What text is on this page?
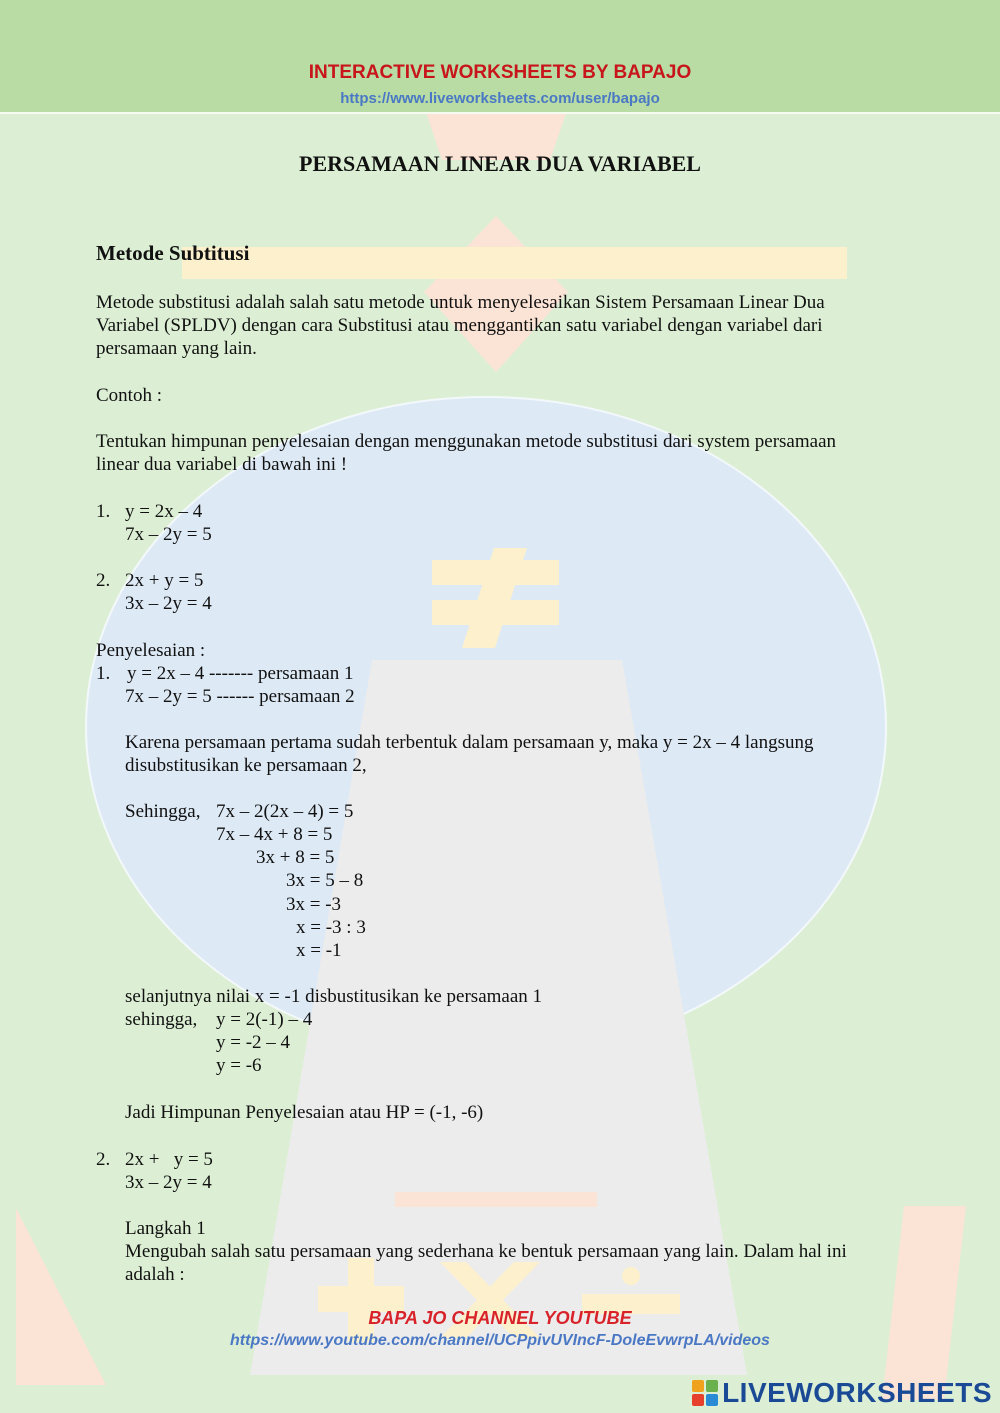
INTERACTIVE WORKSHEETS BY BAPAJO
https://www.liveworksheets.com/user/bapajo
PERSAMAAN LINEAR DUA VARIABEL
Metode Subtitusi
Metode substitusi adalah salah satu metode untuk menyelesaikan Sistem Persamaan Linear Dua
Variabel (SPLDV) dengan cara Substitusi atau menggantikan satu variabel dengan variabel dari
persamaan yang lain.
Contoh :
Tentukan himpunan penyelesaian dengan menggunakan metode substitusi dari system persamaan
linear dua variabel di bawah ini !
1. y = 2x – 4
7x – 2y = 5
2. 2x + y = 5
3x – 2y = 4
Penyelesaian :
1. y = 2x – 4 ------- persamaan 1
7x – 2y = 5 ------ persamaan 2
Karena persamaan pertama sudah terbentuk dalam persamaan y, maka y = 2x – 4 langsung
disubstitusikan ke persamaan 2,
Sehingga, 7x – 2(2x – 4) = 5
7x – 4x + 8 = 5
3x + 8 = 5
3x = 5 – 8
3x = -3
x = -3 : 3
x = -1
selanjutnya nilai x = -1 disbustitusikan ke persamaan 1
sehingga, y = 2(-1) – 4
y = -2 – 4
y = -6
Jadi Himpunan Penyelesaian atau HP = (-1, -6)
2. 2x +   y = 5
3x – 2y = 4
Langkah 1
Mengubah salah satu persamaan yang sederhana ke bentuk persamaan yang lain. Dalam hal ini
adalah :
BAPA JO CHANNEL YOUTUBE
https://www.youtube.com/channel/UCPpivUVIncF-DoleEvwrpLA/videos
LIVEWORKSHEETS
